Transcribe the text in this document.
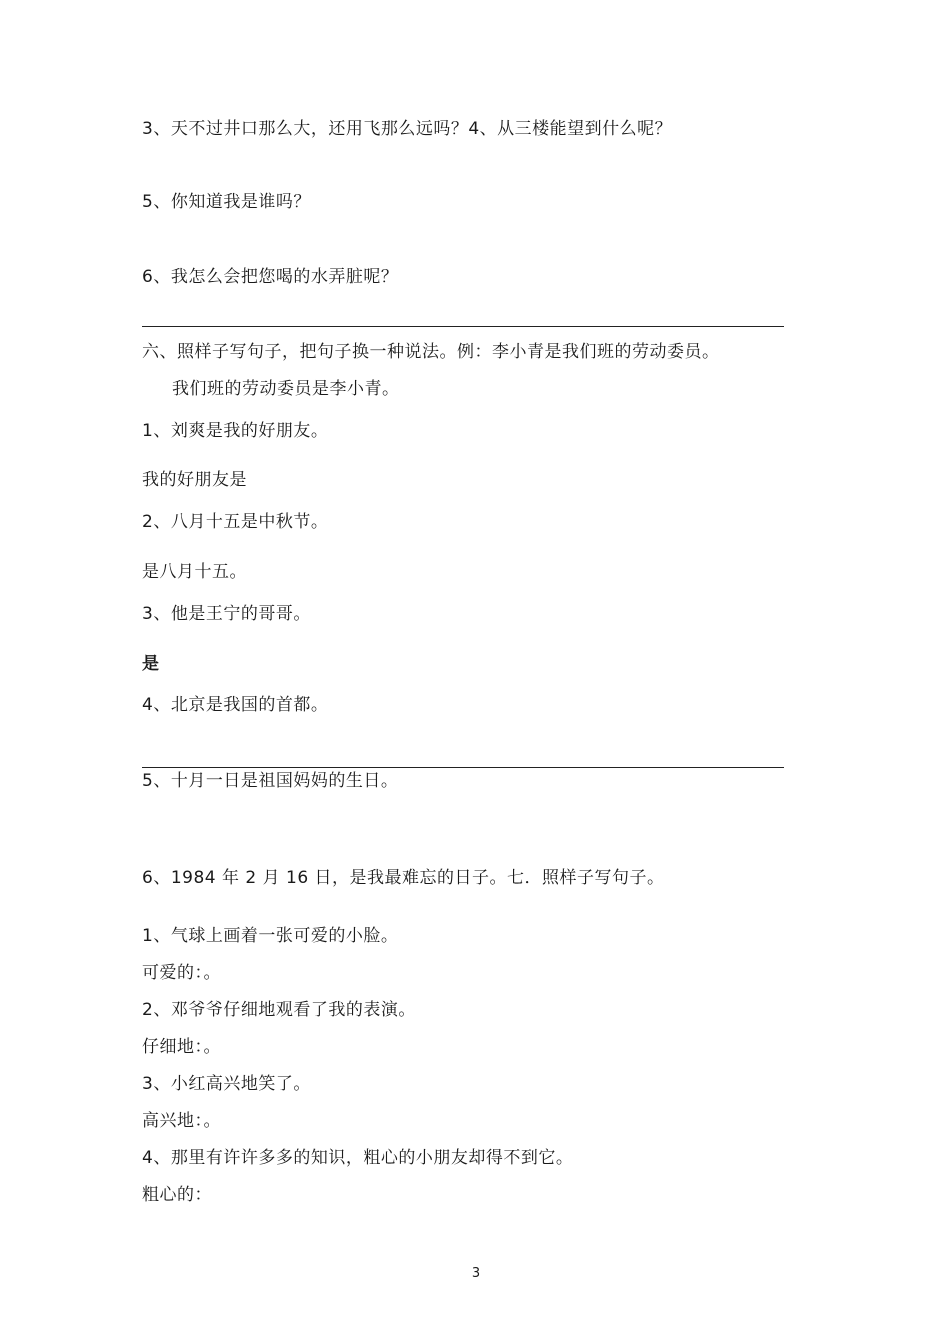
3、天不过井口那么大，还用飞那么远吗？4、从三楼能望到什么呢？
5、你知道我是谁吗？
6、我怎么会把您喝的水弄脏呢？
六、照样子写句子，把句子换一种说法。例：李小青是我们班的劳动委员。
我们班的劳动委员是李小青。
1、刘爽是我的好朋友。
我的好朋友是
2、八月十五是中秋节。
是八月十五。
3、他是王宁的哥哥。
是
4、北京是我国的首都。
5、十月一日是祖国妈妈的生日。
6、1984 年 2 月 16 日，是我最难忘的日子。七．照样子写句子。
1、气球上画着一张可爱的小脸。
可爱的：。
2、邓爷爷仔细地观看了我的表演。
仔细地：。
3、小红高兴地笑了。
高兴地：。
4、那里有许许多多的知识，粗心的小朋友却得不到它。
粗心的：
3
